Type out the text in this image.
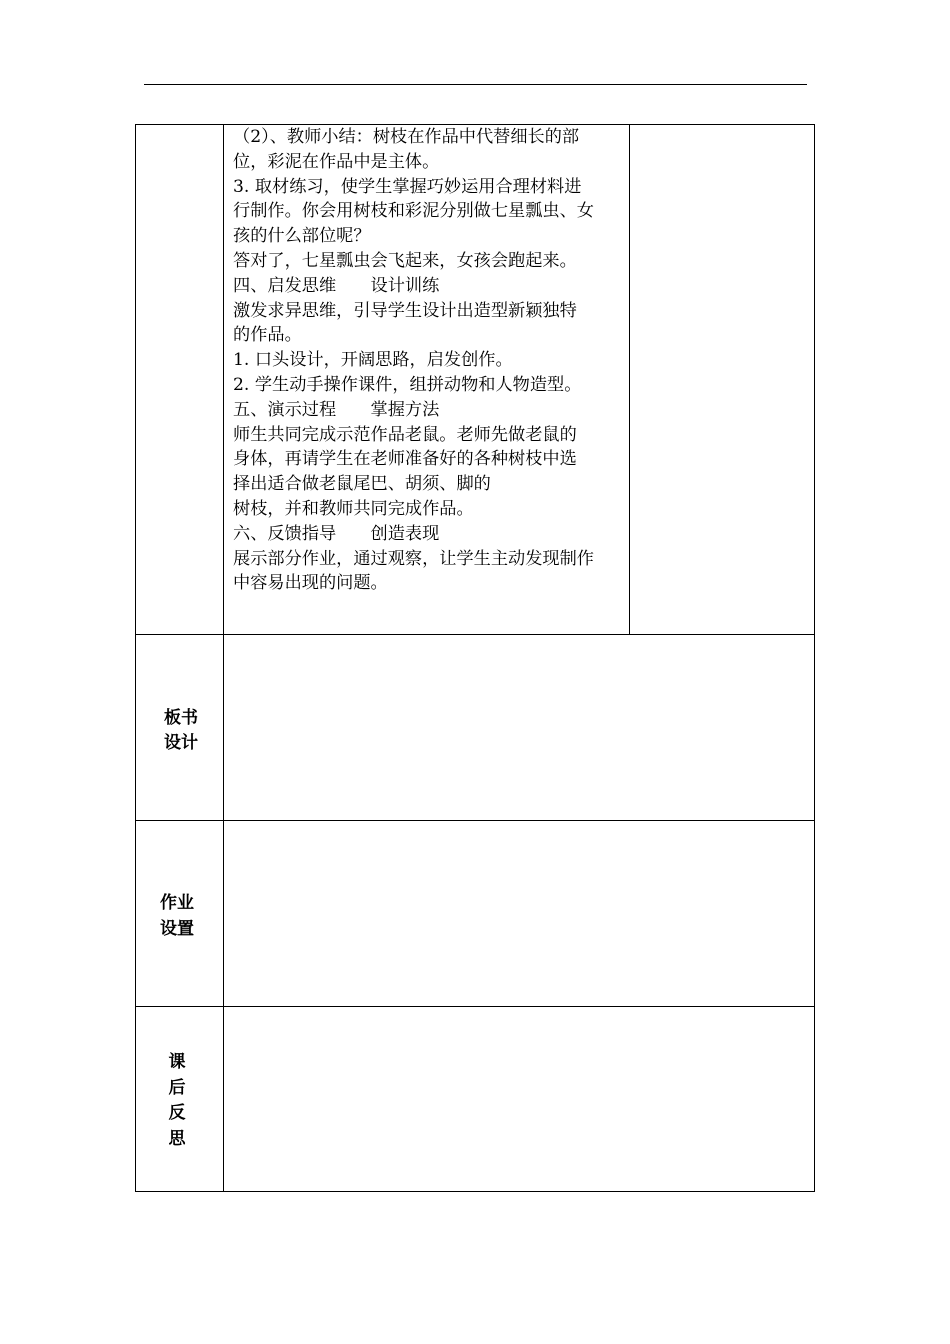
（2）、教师小结：树枝在作品中代替细长的部
位，彩泥在作品中是主体。
3. 取材练习，使学生掌握巧妙运用合理材料进
行制作。你会用树枝和彩泥分别做七星瓢虫、女
孩的什么部位呢？
答对了，七星瓢虫会飞起来，女孩会跑起来。
四、启发思维　　设计训练
激发求异思维，引导学生设计出造型新颖独特
的作品。
1. 口头设计，开阔思路，启发创作。
2. 学生动手操作课件，组拼动物和人物造型。
五、演示过程　　掌握方法
师生共同完成示范作品老鼠。老师先做老鼠的
身体，再请学生在老师准备好的各种树枝中选
择出适合做老鼠尾巴、胡须、脚的
树枝，并和教师共同完成作品。
六、反馈指导　　创造表现
展示部分作业，通过观察，让学生主动发现制作
中容易出现的问题。
板书
设计
作业
设置
课
后
反
思
